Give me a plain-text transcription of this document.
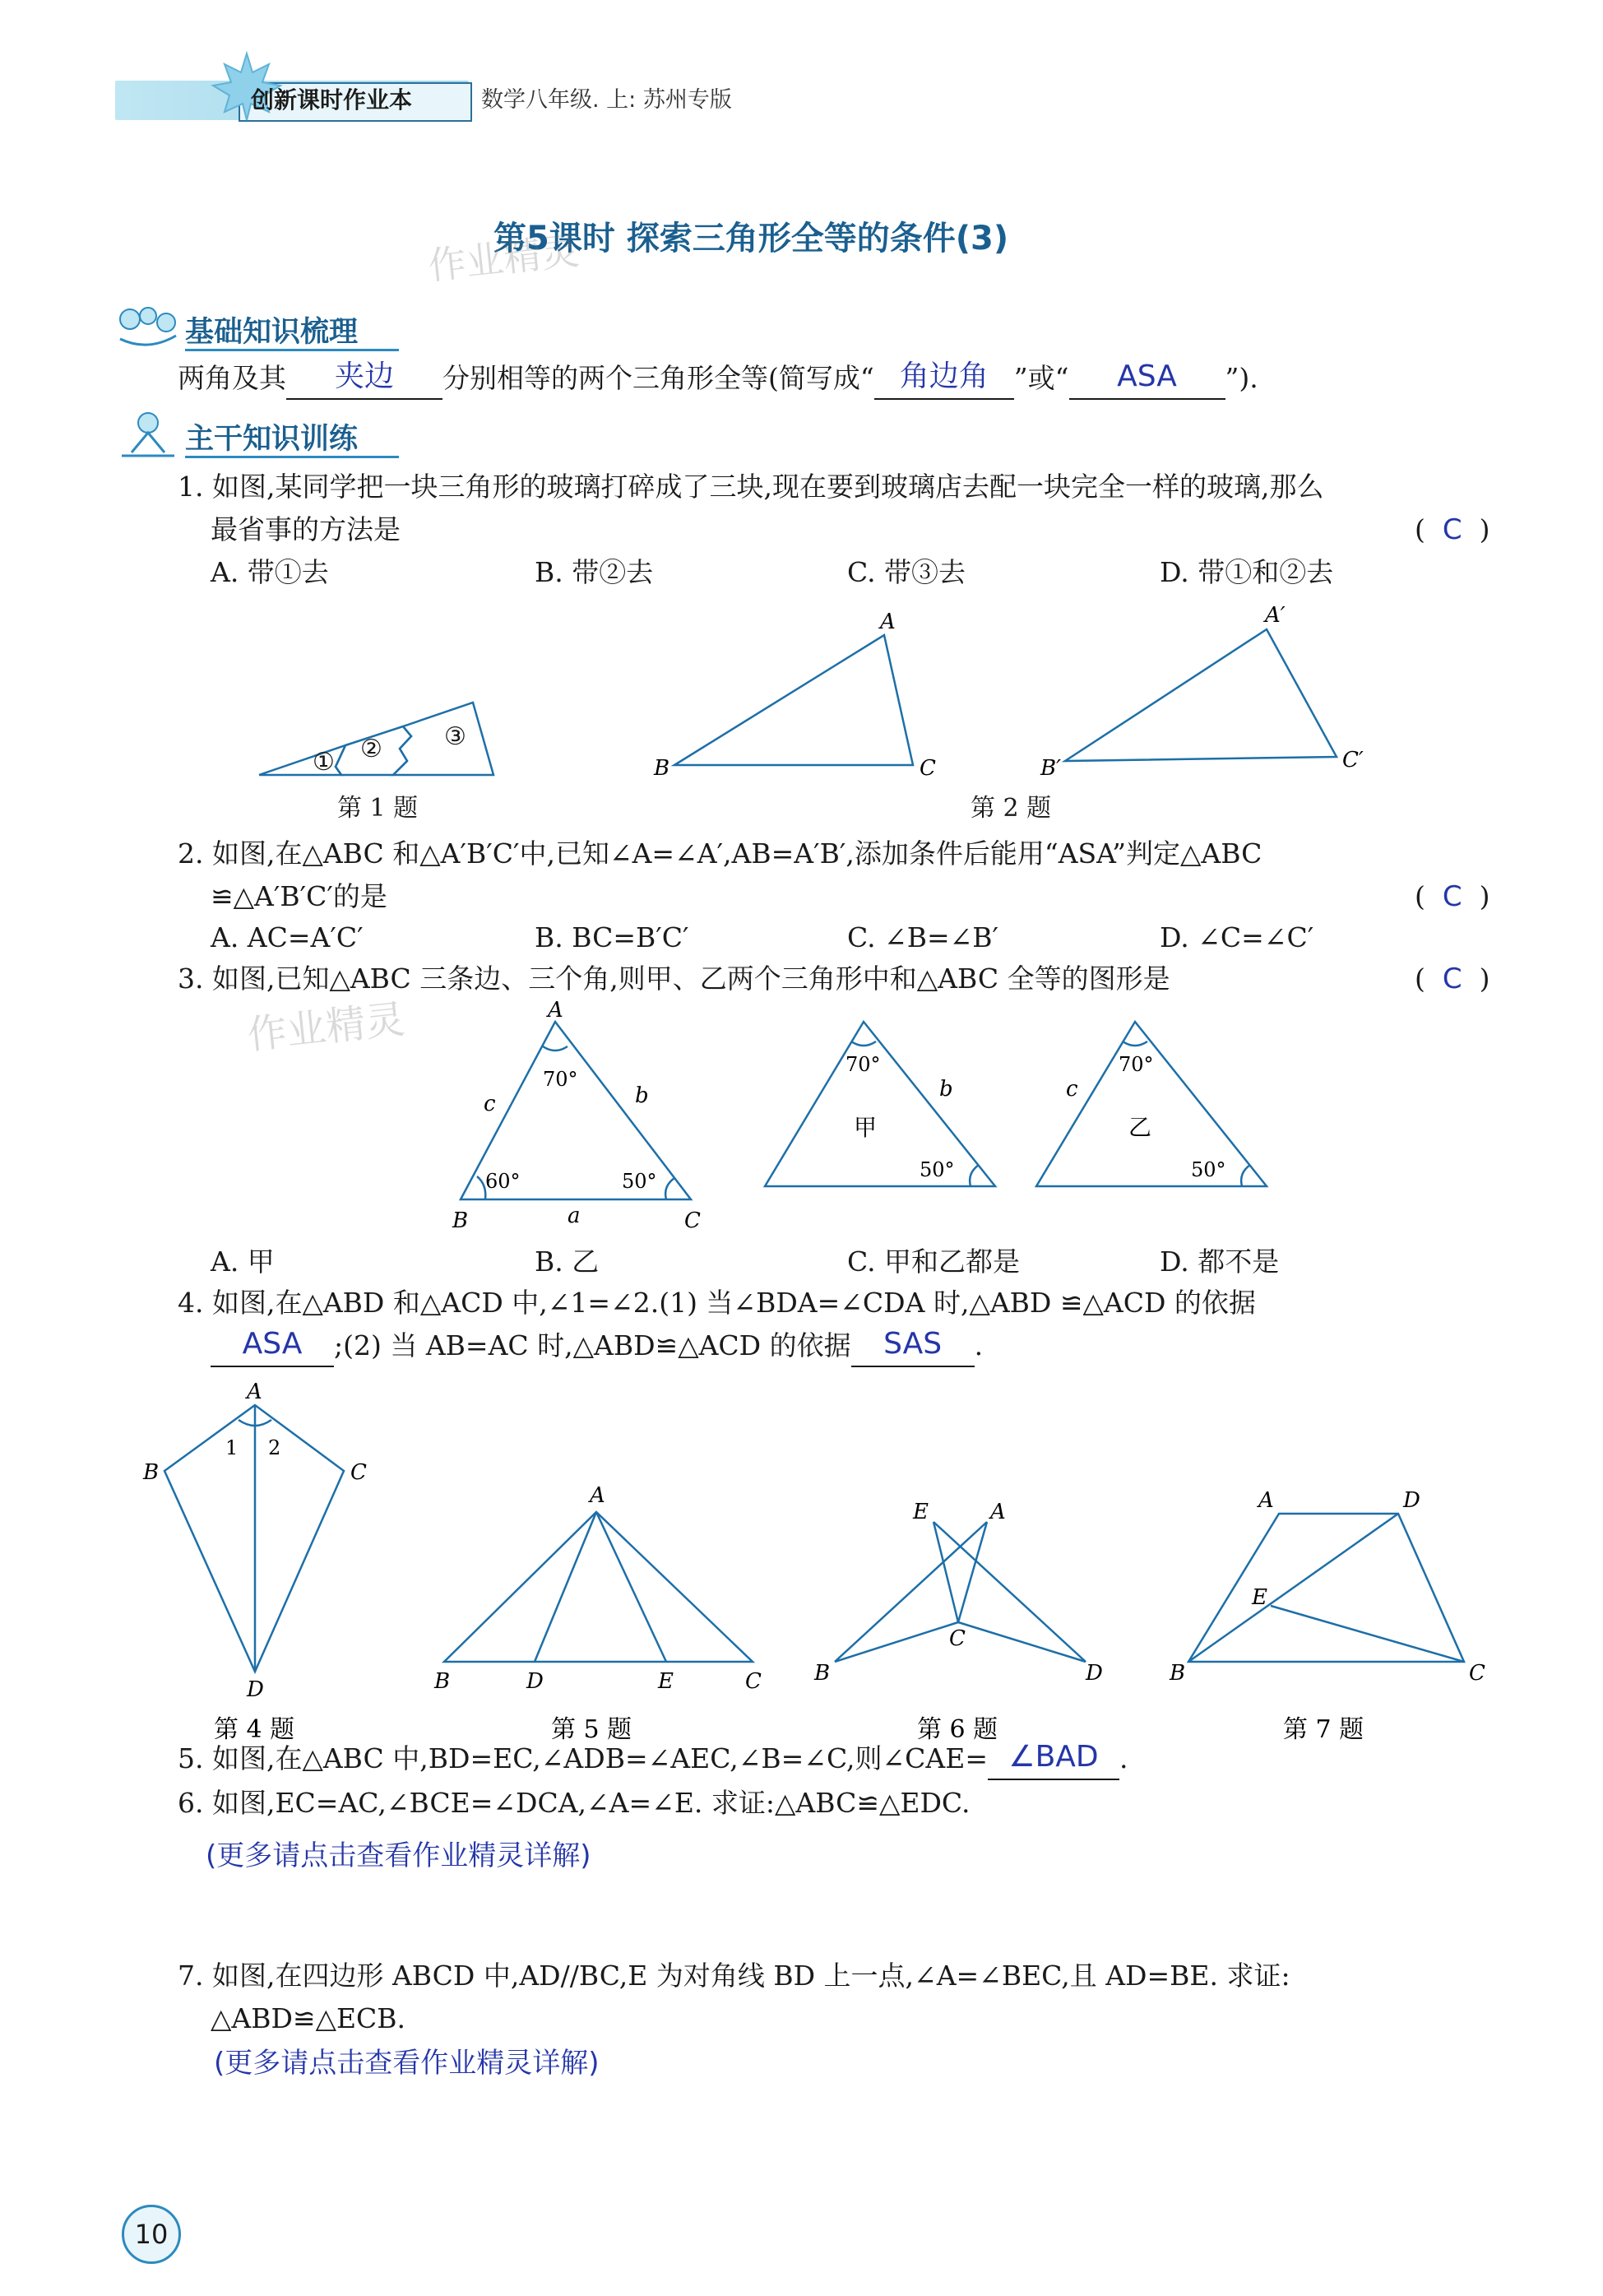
创新课时作业本	数学八年级. 上: 苏州专版
第5课时 探索三角形全等的条件(3)
作业精灵
基础知识梳理
两角及其	夹边	分别相等的两个三角形全等(简写成“ 角边角 ”或“	ASA	”).
主干知识训练
1. 如图,某同学把一块三角形的玻璃打碎成了三块,现在要到玻璃店去配一块完全一样的玻璃,那么
最省事的方法是	(  C  )
A. 带①去	B. 带②去	C. 带③去	D. 带①和②去
① ②	③
第 1 题
A
B	C
A′
B′	C′
第 2 题
2. 如图,在△ABC 和△A′B′C′中,已知∠A=∠A′,AB=A′B′,添加条件后能用“ASA”判定△ABC
≌△A′B′C′的是	(  C  )
A. AC=A′C′	B. BC=B′C′	C. ∠B=∠B′	D. ∠C=∠C′
3. 如图,已知△ABC 三条边、三个角,则甲、乙两个三角形中和△ABC 全等的图形是	(  C  )
作业精灵	A
B	C
a
b
c
70°
60°	50°
70°
50°
b
甲
70°
50°
c
乙
A. 甲	B. 乙	C. 甲和乙都是	D. 都不是
4. 如图,在△ABD 和△ACD 中,∠1=∠2.(1) 当∠BDA=∠CDA 时,△ABD ≌△ACD 的依据
ASA	;(2) 当 AB=AC 时,△ABD≌△ACD 的依据	SAS	.
A
B	C
D
1 2
第 4 题
A
B	D	E	C
第 5 题
E	A
C
B	D
第 6 题
A	D
E
B	C
第 7 题
5. 如图,在△ABC 中,BD=EC,∠ADB=∠AEC,∠B=∠C,则∠CAE= ∠BAD .
6. 如图,EC=AC,∠BCE=∠DCA,∠A=∠E. 求证:△ABC≌△EDC.
(更多请点击查看作业精灵详解)
7. 如图,在四边形 ABCD 中,AD//BC,E 为对角线 BD 上一点,∠A=∠BEC,且 AD=BE. 求证:
△ABD≌△ECB.
(更多请点击查看作业精灵详解)
10
